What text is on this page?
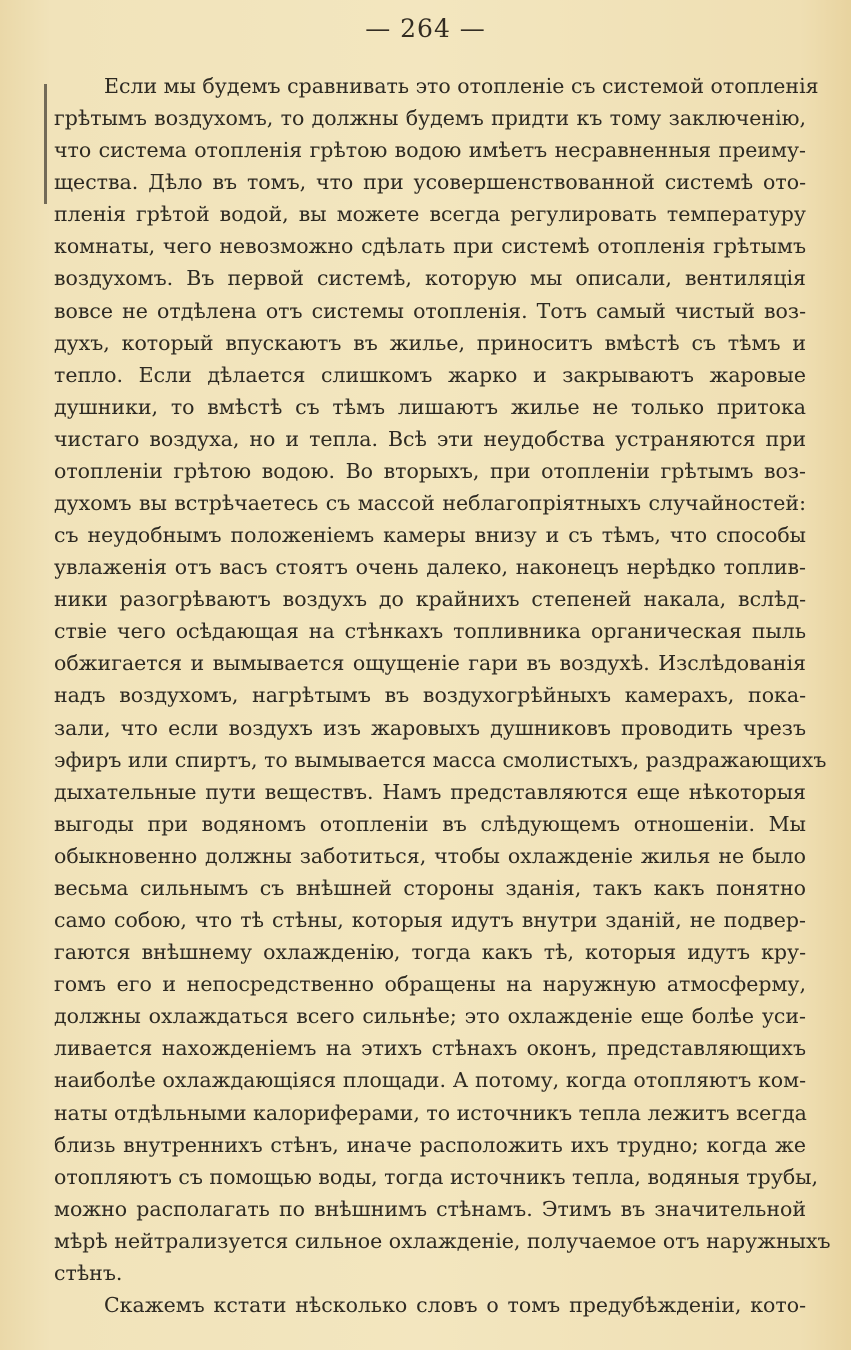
— 264 —
Если мы будемъ сравнивать это отопленіе съ системой отопленія
грѣтымъ воздухомъ, то должны будемъ придти къ тому заключенію,
что система отопленія грѣтою водою имѣетъ несравненныя преиму-
щества. Дѣло въ томъ, что при усовершенствованной системѣ ото-
пленія грѣтой водой, вы можете всегда регулировать температуру
комнаты, чего невозможно сдѣлать при системѣ отопленія грѣтымъ
воздухомъ. Въ первой системѣ, которую мы описали, вентиляція
вовсе не отдѣлена отъ системы отопленія. Тотъ самый чистый воз-
духъ, который впускаютъ въ жилье, приноситъ вмѣстѣ съ тѣмъ и
тепло. Если дѣлается слишкомъ жарко и закрываютъ жаровые
душники, то вмѣстѣ съ тѣмъ лишаютъ жилье не только притока
чистаго воздуха, но и тепла. Всѣ эти неудобства устраняются при
отопленіи грѣтою водою. Во вторыхъ, при отопленіи грѣтымъ воз-
духомъ вы встрѣчаетесь съ массой неблагопріятныхъ случайностей:
съ неудобнымъ положеніемъ камеры внизу и съ тѣмъ, что способы
увлаженія отъ васъ стоятъ очень далеко, наконецъ нерѣдко топлив-
ники разогрѣваютъ воздухъ до крайнихъ степеней накала, вслѣд-
ствіе чего осѣдающая на стѣнкахъ топливника органическая пыль
обжигается и вымывается ощущеніе гари въ воздухѣ. Изслѣдованія
надъ воздухомъ, нагрѣтымъ въ воздухогрѣйныхъ камерахъ, пока-
зали, что если воздухъ изъ жаровыхъ душниковъ проводить чрезъ
эфиръ или спиртъ, то вымывается масса смолистыхъ, раздражающихъ
дыхательные пути веществъ. Намъ представляются еще нѣкоторыя
выгоды при водяномъ отопленіи въ слѣдующемъ отношеніи. Мы
обыкновенно должны заботиться, чтобы охлажденіе жилья не было
весьма сильнымъ съ внѣшней стороны зданія, такъ какъ понятно
само собою, что тѣ стѣны, которыя идутъ внутри зданій, не подвер-
гаются внѣшнему охлажденію, тогда какъ тѣ, которыя идутъ кру-
гомъ его и непосредственно обращены на наружную атмосферму,
должны охлаждаться всего сильнѣе; это охлажденіе еще болѣе уси-
ливается нахожденіемъ на этихъ стѣнахъ оконъ, представляющихъ
наиболѣе охлаждающіяся площади. А потому, когда отопляютъ ком-
наты отдѣльными калориферами, то источникъ тепла лежитъ всегда
близь внутреннихъ стѣнъ, иначе расположить ихъ трудно; когда же
отопляютъ съ помощью воды, тогда источникъ тепла, водяныя трубы,
можно располагать по внѣшнимъ стѣнамъ. Этимъ въ значительной
мѣрѣ нейтрализуется сильное охлажденіе, получаемое отъ наружныхъ
стѣнъ.
Скажемъ кстати нѣсколько словъ о томъ предубѣжденіи, кото-
